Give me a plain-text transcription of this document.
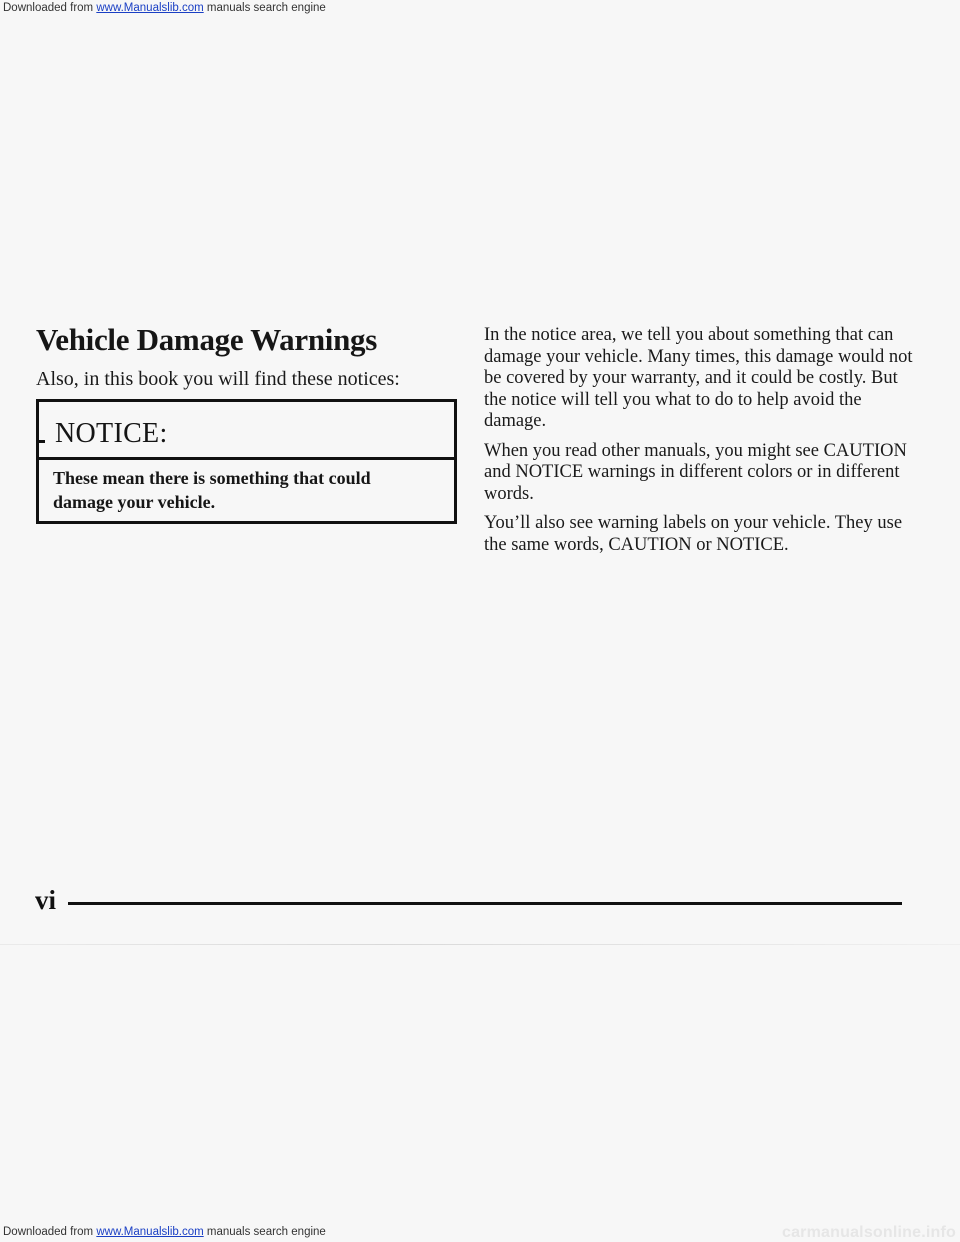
Downloaded from www.Manualslib.com manuals search engine

Vehicle Damage Warnings

Also, in this book you will find these notices:

NOTICE:

These mean there is something that could damage your vehicle.

In the notice area, we tell you about something that can damage your vehicle. Many times, this damage would not be covered by your warranty, and it could be costly. But the notice will tell you what to do to help avoid the damage.

When you read other manuals, you might see CAUTION and NOTICE warnings in different colors or in different words.

You’ll also see warning labels on your vehicle. They use the same words, CAUTION or NOTICE.

vi

Downloaded from www.Manualslib.com manuals search engine	carmanualsonline.info
